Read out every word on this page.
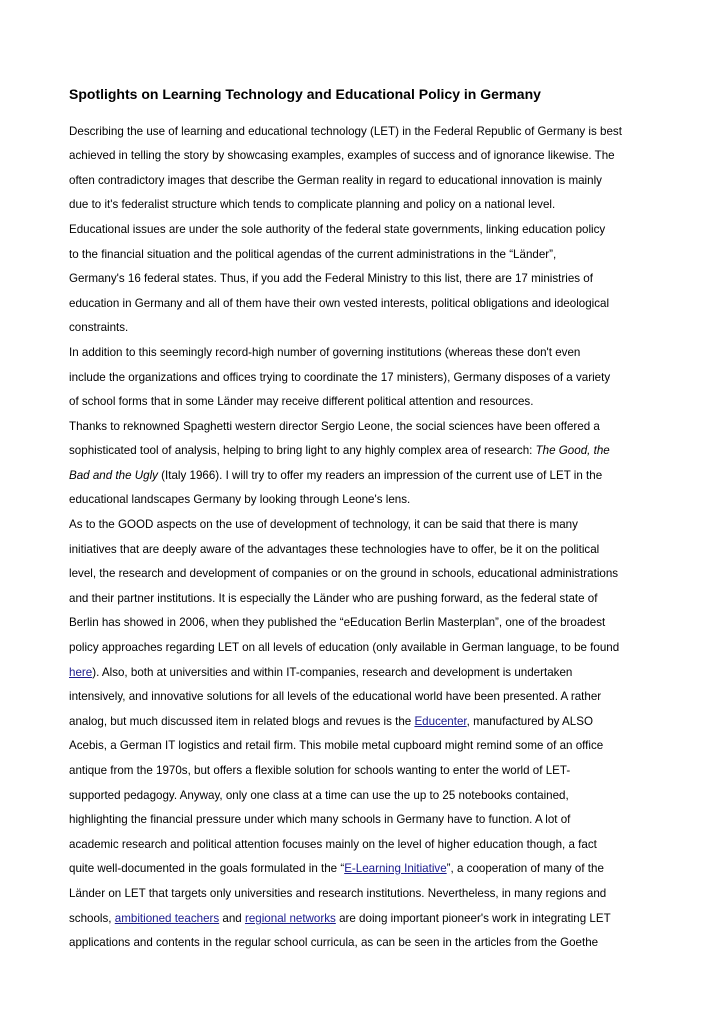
Spotlights on Learning Technology and Educational Policy in Germany
Describing the use of learning and educational technology (LET) in the Federal Republic of Germany is best
achieved in telling the story by showcasing examples, examples of success and of ignorance likewise. The
often contradictory images that describe the German reality in regard to educational innovation is mainly
due to it's federalist structure which tends to complicate planning and policy on a national level.
Educational issues are under the sole authority of the federal state governments, linking education policy
to the financial situation and the political agendas of the current administrations in the “Länder”,
Germany's 16 federal states. Thus, if you add the Federal Ministry to this list, there are 17 ministries of
education in Germany and all of them have their own vested interests, political obligations and ideological
constraints.
In addition to this seemingly record-high number of governing institutions (whereas these don't even
include the organizations and offices trying to coordinate the 17 ministers), Germany disposes of a variety
of school forms that in some Länder may receive different political attention and resources.
Thanks to reknowned Spaghetti western director Sergio Leone, the social sciences have been offered a
sophisticated tool of analysis, helping to bring light to any highly complex area of research: The Good, the
Bad and the Ugly (Italy 1966). I will try to offer my readers an impression of the current use of LET in the
educational landscapes Germany by looking through Leone's lens.
As to the GOOD aspects on the use of development of technology, it can be said that there is many
initiatives that are deeply aware of the advantages these technologies have to offer, be it on the political
level, the research and development of companies or on the ground in schools, educational administrations
and their partner institutions. It is especially the Länder who are pushing forward, as the federal state of
Berlin has showed in 2006, when they published the “eEducation Berlin Masterplan”, one of the broadest
policy approaches regarding LET on all levels of education (only available in German language, to be found
here). Also, both at universities and within IT-companies, research and development is undertaken
intensively, and innovative solutions for all levels of the educational world have been presented. A rather
analog, but much discussed item in related blogs and revues is the Educenter, manufactured by ALSO
Acebis, a German IT logistics and retail firm. This mobile metal cupboard might remind some of an office
antique from the 1970s, but offers a flexible solution for schools wanting to enter the world of LET-
supported pedagogy. Anyway, only one class at a time can use the up to 25 notebooks contained,
highlighting the financial pressure under which many schools in Germany have to function. A lot of
academic research and political attention focuses mainly on the level of higher education though, a fact
quite well-documented in the goals formulated in the “E-Learning Initiative”, a cooperation of many of the
Länder on LET that targets only universities and research institutions. Nevertheless, in many regions and
schools, ambitioned teachers and regional networks are doing important pioneer's work in integrating LET
applications and contents in the regular school curricula, as can be seen in the articles from the Goethe
